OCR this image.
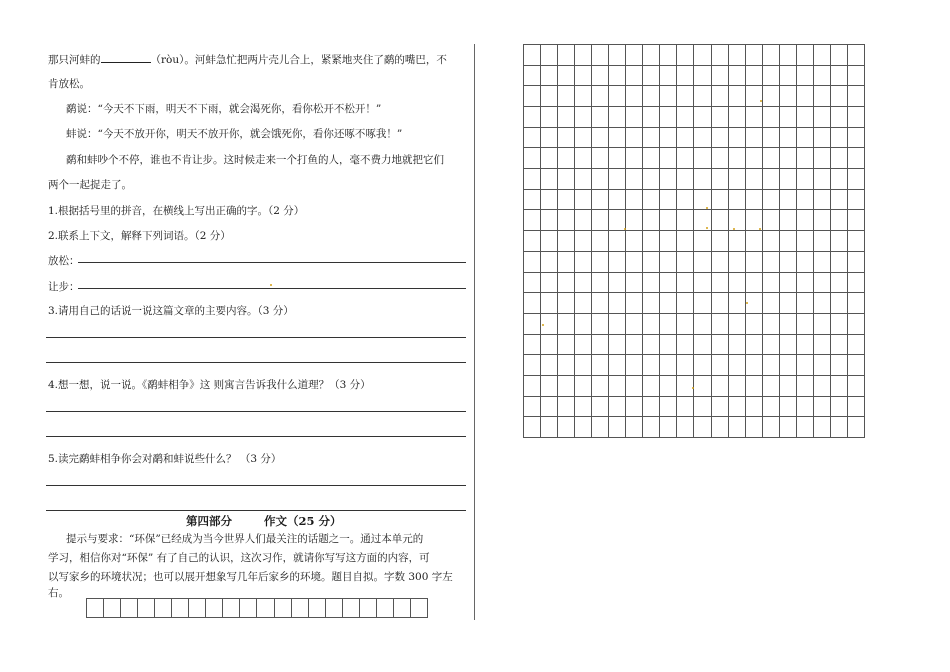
那只河蚌的	（ròu）。河蚌急忙把两片壳儿合上，紧紧地夹住了鹬的嘴巴，不
肯放松。
鹬说：“今天不下雨，明天不下雨，就会渴死你，看你松开不松开！”
蚌说：“今天不放开你，明天不放开你，就会饿死你，看你还啄不啄我！”
鹬和蚌吵个不停，谁也不肯让步。这时候走来一个打鱼的人，毫不费力地就把它们
两个一起捉走了。
1.根据括号里的拼音，在横线上写出正确的字。（2 分）
2.联系上下文，解释下列词语。（2 分）
放松：
让步：
3.请用自己的话说一说这篇文章的主要内容。（3 分）
4.想一想，说一说。《鹬蚌相争》这 则寓言告诉我什么道理？（3 分）
5.读完鹬蚌相争你会对鹬和蚌说些什么？ （3 分）
第四部分	作文（25 分）
提示与要求：“环保”已经成为当今世界人们最关注的话题之一。通过本单元的
学习，相信你对“环保” 有了自己的认识，这次习作，就请你写写这方面的内容，可
以写家乡的环境状况；也可以展开想象写几年后家乡的环境。题目自拟。字数 300 字左
右。
